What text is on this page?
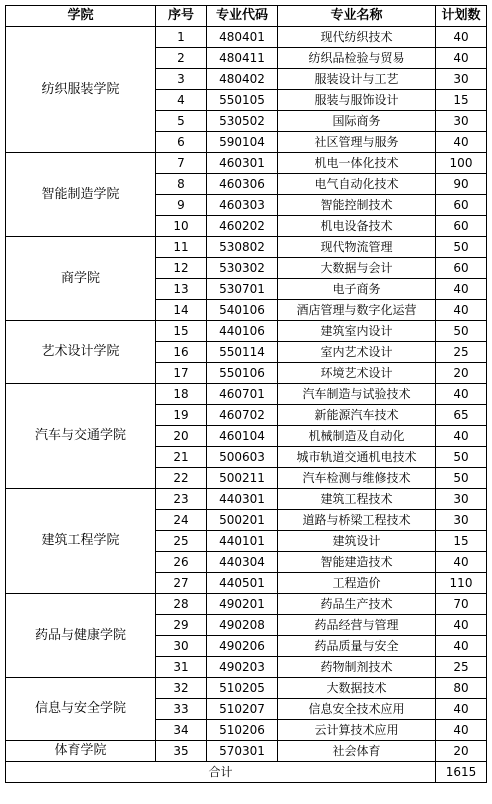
学院	序号	专业代码	专业名称	计划数
纺织服装学院	1	480401	现代纺织技术	40
	2	480411	纺织品检验与贸易	40
	3	480402	服装设计与工艺	30
	4	550105	服装与服饰设计	15
	5	530502	国际商务	30
	6	590104	社区管理与服务	40
智能制造学院	7	460301	机电一体化技术	100
	8	460306	电气自动化技术	90
	9	460303	智能控制技术	60
	10	460202	机电设备技术	60
商学院	11	530802	现代物流管理	50
	12	530302	大数据与会计	60
	13	530701	电子商务	40
	14	540106	酒店管理与数字化运营	40
艺术设计学院	15	440106	建筑室内设计	50
	16	550114	室内艺术设计	25
	17	550106	环境艺术设计	20
汽车与交通学院	18	460701	汽车制造与试验技术	40
	19	460702	新能源汽车技术	65
	20	460104	机械制造及自动化	40
	21	500603	城市轨道交通机电技术	50
	22	500211	汽车检测与维修技术	50
建筑工程学院	23	440301	建筑工程技术	30
	24	500201	道路与桥梁工程技术	30
	25	440101	建筑设计	15
	26	440304	智能建造技术	40
	27	440501	工程造价	110
药品与健康学院	28	490201	药品生产技术	70
	29	490208	药品经营与管理	40
	30	490206	药品质量与安全	40
	31	490203	药物制剂技术	25
信息与安全学院	32	510205	大数据技术	80
	33	510207	信息安全技术应用	40
	34	510206	云计算技术应用	40
体育学院	35	570301	社会体育	20
合计				1615
